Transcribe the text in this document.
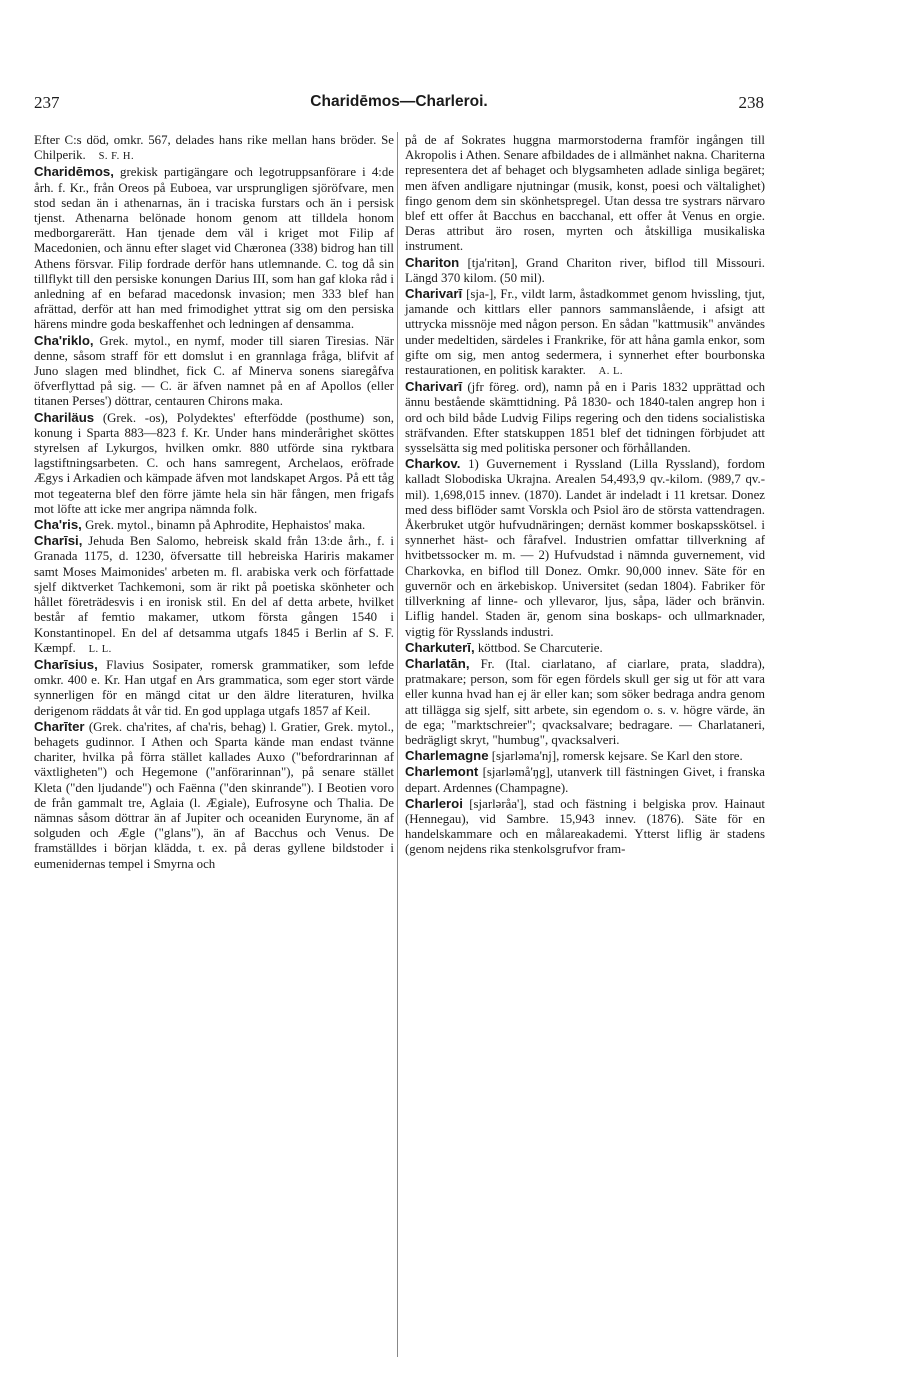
237	Charidēmos—Charleroi.	238

Efter C:s död, omkr. 567, delades hans rike mellan hans bröder. Se Chilperik.  S. F. H.

Charidēmos, grekisk partigängare och legotruppsanförare i 4:de årh. f. Kr., från Oreos på Euboea, var ursprungligen sjöröfvare, men stod sedan än i athenarnas, än i traciska furstars och än i persisk tjenst. Athenarna belönade honom genom att tilldela honom medborgarerätt. Han tjenade dem väl i kriget mot Filip af Macedonien, och ännu efter slaget vid Chæronea (338) bidrog han till Athens försvar. Filip fordrade derför hans utlemnande. C. tog då sin tillflykt till den persiske konungen Darius III, som han gaf kloka råd i anledning af en befarad macedonsk invasion; men 333 blef han afrättad, derför att han med frimodighet yttrat sig om den persiska härens mindre goda beskaffenhet och ledningen af densamma.

Cha'riklo, Grek. mytol., en nymf, moder till siaren Tiresias. När denne, såsom straff för ett domslut i en grannlaga fråga, blifvit af Juno slagen med blindhet, fick C. af Minerva sonens siaregåfva öfverflyttad på sig. — C. är äfven namnet på en af Apollos (eller titanen Perses') döttrar, centauren Chirons maka.

Chariläus (Grek. -os), Polydektes' efterfödde (posthume) son, konung i Sparta 883—823 f. Kr. Under hans minderårighet sköttes styrelsen af Lykurgos, hvilken omkr. 880 utförde sina ryktbara lagstiftningsarbeten. C. och hans samregent, Archelaos, eröfrade Ægys i Arkadien och kämpade äfven mot landskapet Argos. På ett tåg mot tegeaterna blef den förre jämte hela sin här fången, men frigafs mot löfte att icke mer angripa nämnda folk.

Cha'ris, Grek. mytol., binamn på Aphrodite, Hephaistos' maka.

Charīsi, Jehuda Ben Salomo, hebreisk skald från 13:de årh., f. i Granada 1175, d. 1230, öfversatte till hebreiska Hariris makamer samt Moses Maimonides' arbeten m. fl. arabiska verk och författade sjelf diktverket Tachkemoni, som är rikt på poetiska skönheter och hållet företrädesvis i en ironisk stil. En del af detta arbete, hvilket består af femtio makamer, utkom första gången 1540 i Konstantinopel. En del af detsamma utgafs 1845 i Berlin af S. F. Kæmpf.  L. L.

Charīsius, Flavius Sosipater, romersk grammatiker, som lefde omkr. 400 e. Kr. Han utgaf en Ars grammatica, som eger stort värde synnerligen för en mängd citat ur den äldre literaturen, hvilka derigenom räddats åt vår tid. En god upplaga utgafs 1857 af Keil.

Charīter (Grek. cha'rites, af cha'ris, behag) l. Gratier, Grek. mytol., behagets gudinnor. I Athen och Sparta kände man endast tvänne chariter, hvilka på förra stället kallades Auxo ("befordrarinnan af växtligheten") och Hegemone ("anförarinnan"), på senare stället Kleta ("den ljudande") och Faënna ("den skinrande"). I Beotien voro de från gammalt tre, Aglaia (l. Ægiale), Eufrosyne och Thalia. De nämnas såsom döttrar än af Jupiter och oceaniden Eurynome, än af solguden och Ægle ("glans"), än af Bacchus och Venus. De framställdes i början klädda, t. ex. på deras gyllene bildstoder i eumenidernas tempel i Smyrna och

på de af Sokrates huggna marmorstoderna framför ingången till Akropolis i Athen. Senare afbildades de i allmänhet nakna. Chariterna representera det af behaget och blygsamheten adlade sinliga begäret; men äfven andligare njutningar (musik, konst, poesi och vältalighet) fingo genom dem sin skönhetspregel. Utan dessa tre systrars närvaro blef ett offer åt Bacchus en bacchanal, ett offer åt Venus en orgie. Deras attribut äro rosen, myrten och åtskilliga musikaliska instrument.

Chariton [tja'ritən], Grand Chariton river, biflod till Missouri. Längd 370 kilom. (50 mil).

Charivarī [sja-], Fr., vildt larm, åstadkommet genom hvissling, tjut, jamande och kittlars eller pannors sammanslående, i afsigt att uttrycka missnöje med någon person. En sådan "kattmusik" användes under medeltiden, särdeles i Frankrike, för att håna gamla enkor, som gifte om sig, men antog sedermera, i synnerhet efter bourbonska restaurationen, en politisk karakter.  A. L.

Charivarī (jfr föreg. ord), namn på en i Paris 1832 upprättad och ännu bestående skämttidning. På 1830- och 1840-talen angrep hon i ord och bild både Ludvig Filips regering och den tidens socialistiska sträfvanden. Efter statskuppen 1851 blef det tidningen förbjudet att sysselsätta sig med politiska personer och förhållanden.

Charkov. 1) Guvernement i Ryssland (Lilla Ryssland), fordom kalladt Slobodiska Ukrajna. Arealen 54,493,9 qv.-kilom. (989,7 qv.-mil). 1,698,015 innev. (1870). Landet är indeladt i 11 kretsar. Donez med dess biflöder samt Vorskla och Psiol äro de största vattendragen. Åkerbruket utgör hufvudnäringen; dernäst kommer boskapsskötsel. i synnerhet häst- och fårafvel. Industrien omfattar tillverkning af hvitbetssocker m. m. — 2) Hufvudstad i nämnda guvernement, vid Charkovka, en biflod till Donez. Omkr. 90,000 innev. Säte för en guvernör och en ärkebiskop. Universitet (sedan 1804). Fabriker för tillverkning af linne- och yllevaror, ljus, såpa, läder och bränvin. Liflig handel. Staden är, genom sina boskaps- och ullmarknader, vigtig för Rysslands industri.

Charkuterī, köttbod. Se Charcuterie.

Charlatān, Fr. (Ital. ciarlatano, af ciarlare, prata, sladdra), pratmakare; person, som för egen fördels skull ger sig ut för att vara eller kunna hvad han ej är eller kan; som söker bedraga andra genom att tillägga sig sjelf, sitt arbete, sin egendom o. s. v. högre värde, än de ega; "marktschreier"; qvacksalvare; bedragare. — Charlataneri, bedrägligt skryt, "humbug", qvacksalveri.

Charlemagne [sjarləma'nj], romersk kejsare. Se Karl den store.

Charlemont [sjarləmå'ŋg], utanverk till fästningen Givet, i franska depart. Ardennes (Champagne).

Charleroi [sjarləråa'], stad och fästning i belgiska prov. Hainaut (Hennegau), vid Sambre. 15,943 innev. (1876). Säte för en handelskammare och en målareakademi. Ytterst liflig är stadens (genom nejdens rika stenkolsgrufvor fram-
